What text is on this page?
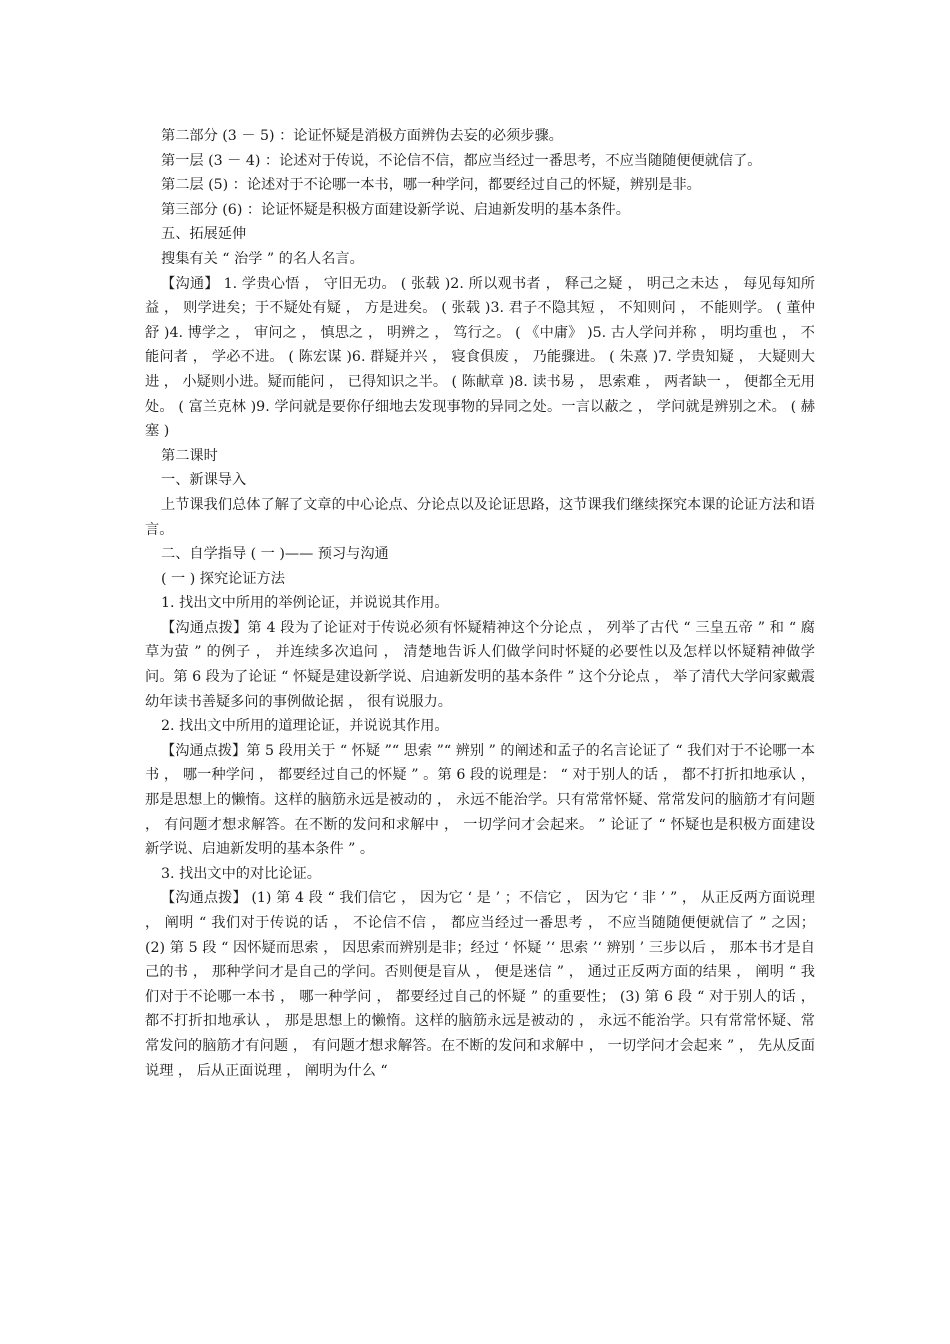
第二部分 (3 － 5) ：论证怀疑是消极方面辨伪去妄的必须步骤。

第一层 (3 － 4) ：论述对于传说，不论信不信，都应当经过一番思考，不应当随随便便就信了。

第二层 (5) ：论述对于不论哪一本书，哪一种学问，都要经过自己的怀疑，辨别是非。

第三部分 (6) ：论证怀疑是积极方面建设新学说、启迪新发明的基本条件。

五、拓展延伸

搜集有关 “ 治学 ” 的名人名言。

【沟通】 1. 学贵心悟 ， 守旧无功。 ( 张载 )2. 所以观书者 ， 释己之疑 ， 明己之未达 ， 每见每知所益 ， 则学进矣；于不疑处有疑 ， 方是进矣。 ( 张载 )3. 君子不隐其短 ， 不知则问 ， 不能则学。 ( 董仲舒 )4. 博学之 ， 审问之 ， 慎思之 ， 明辨之 ， 笃行之。 ( 《中庸》 )5. 古人学问并称 ， 明均重也 ， 不能问者 ， 学必不进。 ( 陈宏谋 )6. 群疑并兴 ， 寝食俱废 ， 乃能骤进。 ( 朱熹 )7. 学贵知疑 ， 大疑则大进 ， 小疑则小进。疑而能问 ， 已得知识之半。 ( 陈献章 )8. 读书易 ， 思索难 ， 两者缺一 ， 便都全无用处。 ( 富兰克林 )9. 学问就是要你仔细地去发现事物的异同之处。一言以蔽之 ， 学问就是辨别之术。 ( 赫塞 )

第二课时

一、新课导入

上节课我们总体了解了文章的中心论点、分论点以及论证思路，这节课我们继续探究本课的论证方法和语言。

二、自学指导 ( 一 )—— 预习与沟通

( 一 ) 探究论证方法

1. 找出文中所用的举例论证，并说说其作用。

【沟通点拨】第 4 段为了论证对于传说必须有怀疑精神这个分论点 ， 列举了古代 “ 三皇五帝 ” 和 “ 腐草为萤 ” 的例子 ， 并连续多次追问 ， 清楚地告诉人们做学问时怀疑的必要性以及怎样以怀疑精神做学问。第 6 段为了论证 “ 怀疑是建设新学说、启迪新发明的基本条件 ” 这个分论点 ， 举了清代大学问家戴震幼年读书善疑多问的事例做论据 ， 很有说服力。

2. 找出文中所用的道理论证，并说说其作用。

【沟通点拨】第 5 段用关于 “ 怀疑 ”“ 思索 ”“ 辨别 ” 的阐述和孟子的名言论证了 “ 我们对于不论哪一本书 ， 哪一种学问 ， 都要经过自己的怀疑 ” 。第 6 段的说理是： “ 对于别人的话 ， 都不打折扣地承认 ， 那是思想上的懒惰。这样的脑筋永远是被动的 ， 永远不能治学。只有常常怀疑、常常发问的脑筋才有问题 ， 有问题才想求解答。在不断的发问和求解中 ， 一切学问才会起来。 ” 论证了 “ 怀疑也是积极方面建设新学说、启迪新发明的基本条件 ” 。

3. 找出文中的对比论证。

【沟通点拨】 (1) 第 4 段 “ 我们信它 ， 因为它 ‘ 是 ’ ；不信它 ， 因为它 ‘ 非 ’ ” ， 从正反两方面说理 ， 阐明 “ 我们对于传说的话 ， 不论信不信 ， 都应当经过一番思考 ， 不应当随随便便就信了 ” 之因； (2) 第 5 段 “ 因怀疑而思索 ， 因思索而辨别是非；经过 ‘ 怀疑 ’‘ 思索 ’‘ 辨别 ’ 三步以后 ， 那本书才是自己的书 ， 那种学问才是自己的学问。否则便是盲从 ， 便是迷信 ” ， 通过正反两方面的结果 ， 阐明 “ 我们对于不论哪一本书 ， 哪一种学问 ， 都要经过自己的怀疑 ” 的重要性； (3) 第 6 段 “ 对于别人的话 ， 都不打折扣地承认 ， 那是思想上的懒惰。这样的脑筋永远是被动的 ， 永远不能治学。只有常常怀疑、常常发问的脑筋才有问题 ， 有问题才想求解答。在不断的发问和求解中 ， 一切学问才会起来 ” ， 先从反面说理 ， 后从正面说理 ， 阐明为什么 “
